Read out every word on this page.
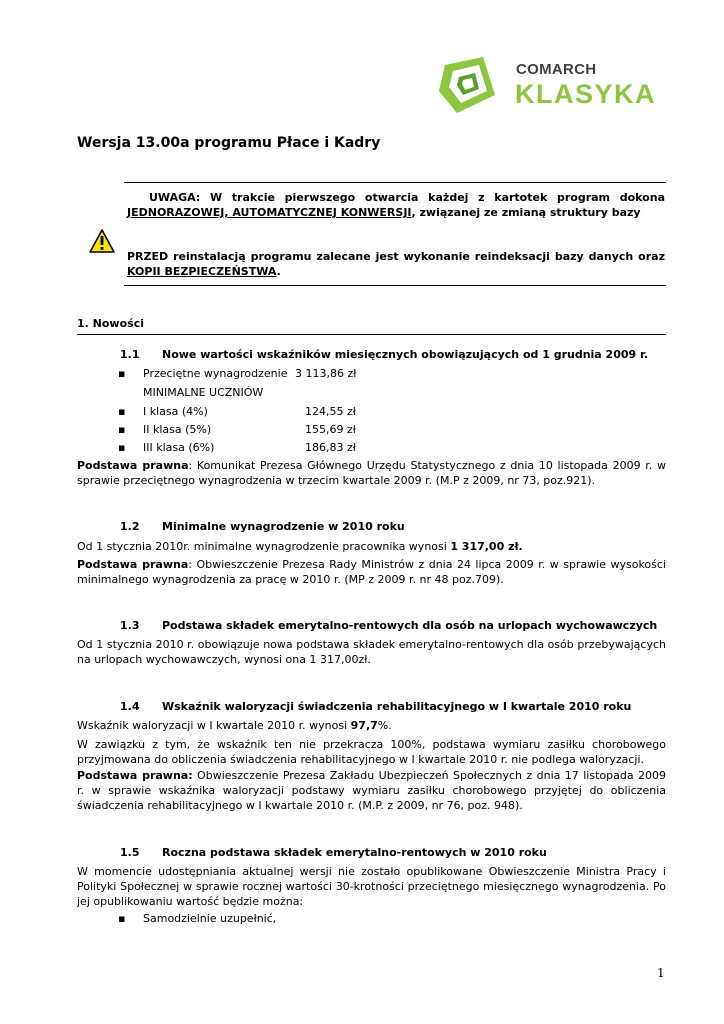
COMARCH
KLASYKA
Wersja 13.00a programu Płace i Kadry

UWAGA: W trakcie pierwszego otwarcia każdej z kartotek program dokona JEDNORAZOWEJ, AUTOMATYCZNEJ KONWERSJI, związanej ze zmianą struktury bazy

PRZED reinstalacją programu zalecane jest wykonanie reindeksacji bazy danych oraz KOPII BEZPIECZEŃSTWA.

1. Nowości
1.1 Nowe wartości wskaźników miesięcznych obowiązujących od 1 grudnia 2009 r.
▪ Przeciętne wynagrodzenie 3 113,86 zł
MINIMALNE UCZNIÓW
▪ I klasa (4%)	124,55 zł
▪ II klasa (5%)	155,69 zł
▪ III klasa (6%)	186,83 zł

Podstawa prawna: Komunikat Prezesa Głównego Urzędu Statystycznego z dnia 10 listopada 2009 r. w sprawie przeciętnego wynagrodzenia w trzecim kwartale 2009 r. (M.P z 2009, nr 73, poz.921).

1.2 Minimalne wynagrodzenie w 2010 roku

Od 1 stycznia 2010r. minimalne wynagrodzenie pracownika wynosi 1 317,00 zł.

Podstawa prawna: Obwieszczenie Prezesa Rady Ministrów z dnia 24 lipca 2009 r. w sprawie wysokości minimalnego wynagrodzenia za pracę w 2010 r. (MP z 2009 r. nr 48 poz.709).

1.3 Podstawa składek emerytalno-rentowych dla osób na urlopach wychowawczych

Od 1 stycznia 2010 r. obowiązuje nowa podstawa składek emerytalno-rentowych dla osób przebywających na urlopach wychowawczych, wynosi ona 1 317,00zł.

1.4 Wskaźnik waloryzacji świadczenia rehabilitacyjnego w I kwartale 2010 roku

Wskaźnik waloryzacji w I kwartale 2010 r. wynosi 97,7%.

W zawiązku z tym, że wskaźnik ten nie przekracza 100%, podstawa wymiaru zasiłku chorobowego przyjmowana do obliczenia świadczenia rehabilitacyjnego w I kwartale 2010 r. nie podlega waloryzacji.

Podstawa prawna: Obwieszczenie Prezesa Zakładu Ubezpieczeń Społecznych z dnia 17 listopada 2009 r. w sprawie wskaźnika waloryzacji podstawy wymiaru zasiłku chorobowego przyjętej do obliczenia świadczenia rehabilitacyjnego w I kwartale 2010 r. (M.P. z 2009, nr 76, poz. 948).

1.5 Roczna podstawa składek emerytalno-rentowych w 2010 roku

W momencie udostępniania aktualnej wersji nie zostało opublikowane Obwieszczenie Ministra Pracy i Polityki Społecznej w sprawie rocznej wartości 30-krotności przeciętnego miesięcznego wynagrodzenia. Po jej opublikowaniu wartość będzie można:

▪ Samodzielnie uzupełnić,
1
